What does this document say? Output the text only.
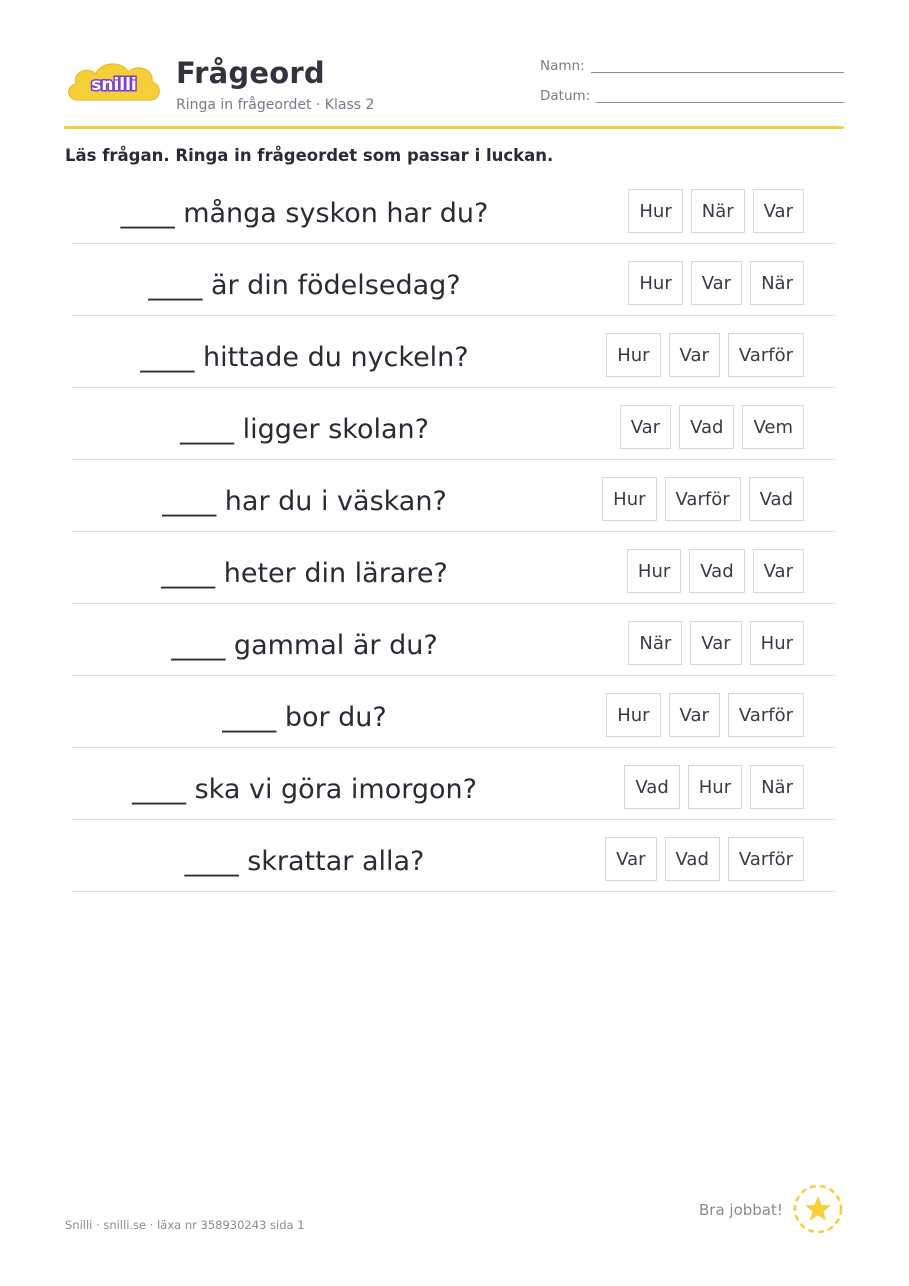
snilli Frågeord
Ringa in frågeordet · Klass 2
Namn:
Datum:
Läs frågan. Ringa in frågeordet som passar i luckan.
____ många syskon har du?	Hur	När	Var
____ är din födelsedag?	Hur	Var	När
____ hittade du nyckeln?	Hur	Var	Varför
____ ligger skolan?	Var	Vad	Vem
____ har du i väskan?	Hur	Varför	Vad
____ heter din lärare?	Hur	Vad	Var
____ gammal är du?	När	Var	Hur
____ bor du?	Hur	Var	Varför
____ ska vi göra imorgon?	Vad	Hur	När
____ skrattar alla?	Var	Vad	Varför
Snilli · snilli.se · läxa nr 358930243 sida 1
Bra jobbat!
